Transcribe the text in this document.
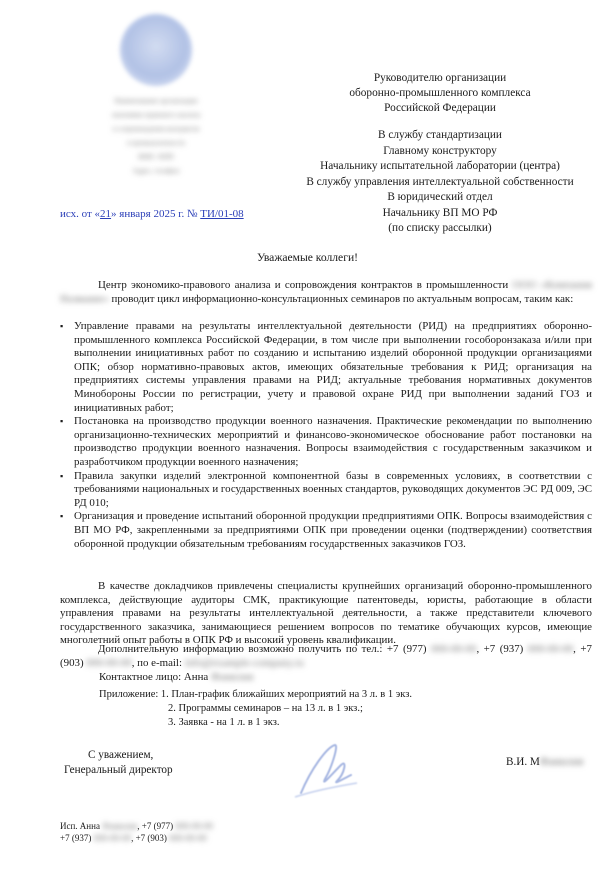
Наименование организации
экономико-правового анализа
и сопровождения контрактов
в промышленности
ИНН / КПП
Адрес, телефон
Руководителю организации
оборонно-промышленного комплекса
Российской Федерации
В службу стандартизации
Главному конструктору
Начальнику испытательной лаборатории (центра)
В службу управления интеллектуальной собственности
В юридический отдел
Начальнику ВП МО РФ
(по списку рассылки)
исх. от «21» января 2025 г. № ТИ/01-08
Уважаемые коллеги!
Центр экономико-правового анализа и сопровождения контрактов в промышленности ООО «Компания Название» проводит цикл информационно-консультационных семинаров по актуальным вопросам, таким как:
▪ Управление правами на результаты интеллектуальной деятельности (РИД) на предприятиях оборонно-промышленного комплекса Российской Федерации, в том числе при выполнении гособоронзаказа и/или при выполнении инициативных работ по созданию и испытанию изделий оборонной продукции организациями ОПК; обзор нормативно-правовых актов, имеющих обязательные требования к РИД; организация на предприятиях системы управления правами на РИД; актуальные требования нормативных документов Минобороны России по регистрации, учету и правовой охране РИД при выполнении заданий ГОЗ и инициативных работ;
▪ Постановка на производство продукции военного назначения. Практические рекомендации по выполнению организационно-технических мероприятий и финансово-экономическое обоснование работ постановки на производство продукции военного назначения. Вопросы взаимодействия с государственным заказчиком и разработчиком продукции военного назначения;
▪ Правила закупки изделий электронной компонентной базы в современных условиях, в соответствии с требованиями национальных и государственных военных стандартов, руководящих документов ЭС РД 009, ЭС РД 010;
▪ Организация и проведение испытаний оборонной продукции предприятиями ОПК. Вопросы взаимодействия с ВП МО РФ, закрепленными за предприятиями ОПК при проведении оценки (подтверждении) соответствия оборонной продукции обязательным требованиям государственных заказчиков ГОЗ.
В качестве докладчиков привлечены специалисты крупнейших организаций оборонно-промышленного комплекса, действующие аудиторы СМК, практикующие патентоведы, юристы, работающие в области управления правами на результаты интеллектуальной деятельности, а также представители ключевого государственного заказчика, занимающиеся решением вопросов по тематике обучающих курсов, имеющие многолетний опыт работы в ОПК РФ и высокий уровень квалификации.
Дополнительную информацию возможно получить по тел.: +7 (977) 000-00-00, +7 (937) 000-00-00, +7 (903) 000-00-00, по e-mail: info@example-company.ru
Контактное лицо: Анна Фамилия
Приложение: 1. План-график ближайших мероприятий на 3 л. в 1 экз.
2. Программы семинаров – на 13 л. в 1 экз.;
3. Заявка - на 1 л. в 1 экз.
С уважением,
Генеральный директор
В.И. МФамилия
Исп. Анна Фамилия, +7 (977) 000-00-00
+7 (937) 000-00-00, +7 (903) 000-00-00
